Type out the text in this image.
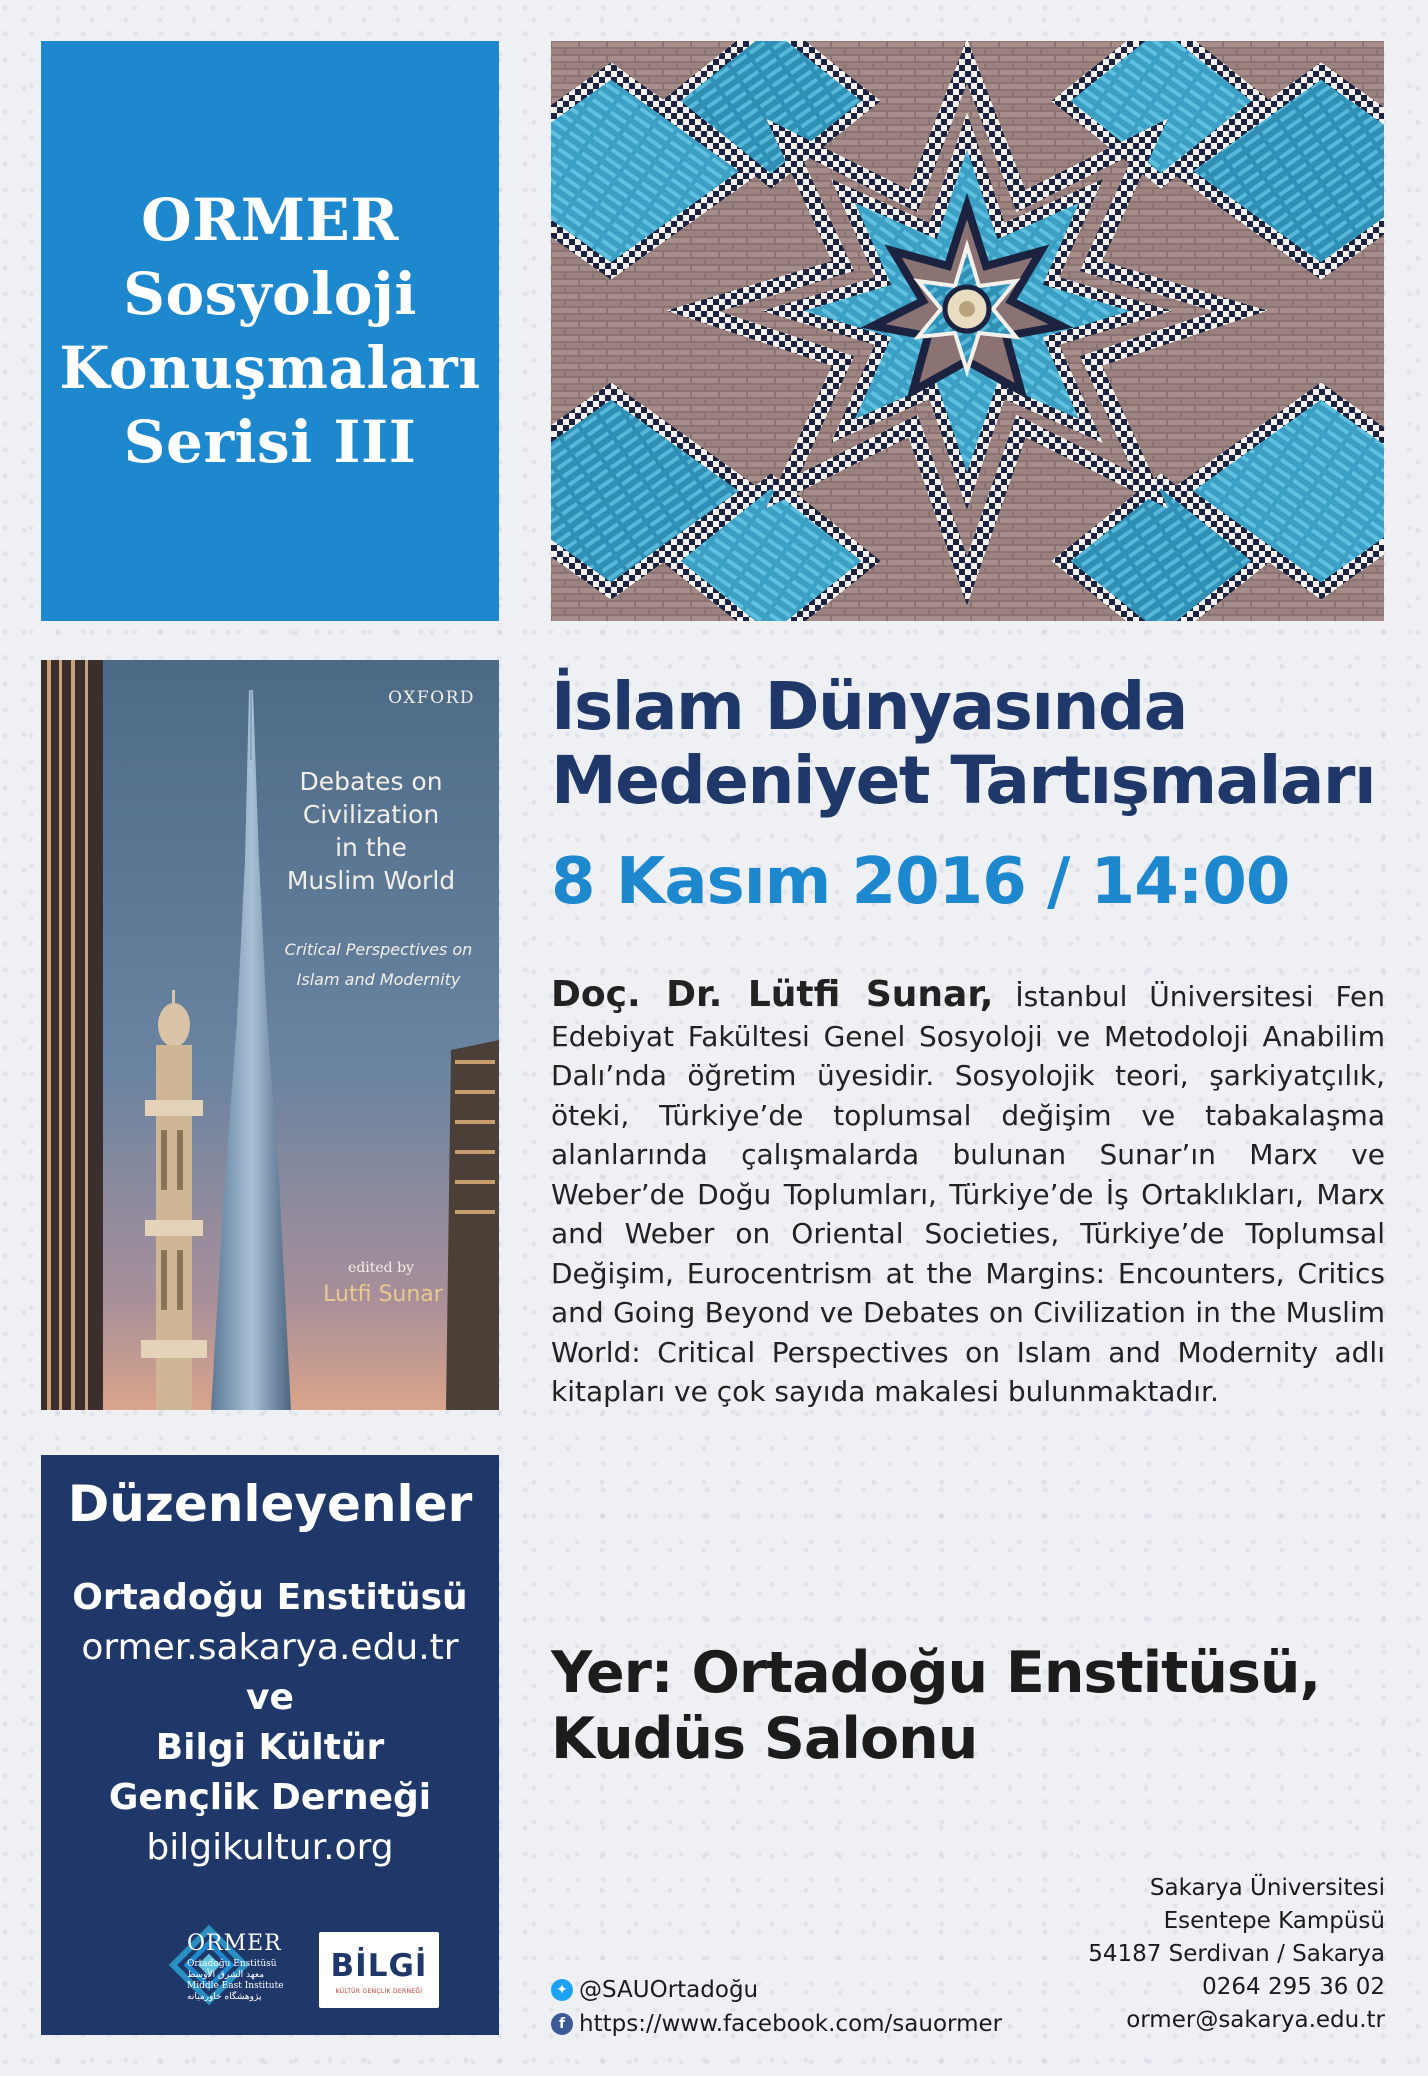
ORMER
Sosyoloji
Konuşmaları
Serisi III
OXFORD
Debates on
Civilization
in the
Muslim World
Critical Perspectives on
Islam and Modernity
edited by
Lutfi Sunar
Düzenleyenler
Ortadoğu Enstitüsü
ormer.sakarya.edu.tr
ve
Bilgi Kültür
Gençlik Derneği
bilgikultur.org
ORMER
Ortadoğu Enstitüsü
معهد الشرق الأوسط
Middle East Institute
پژوهشگاه خاورمیانه
BİLGİ
KÜLTÜR GENÇLİK DERNEĞİ
İslam Dünyasında
Medeniyet Tartışmaları
8 Kasım 2016 / 14:00
Doç. Dr. Lütfi Sunar, İstanbul Üniversitesi Fen Edebiyat Fakültesi Genel Sosyoloji ve Metodoloji Anabilim Dalı’nda öğretim üyesidir. Sosyolojik teori, şarkiyatçılık, öteki, Türkiye’de toplumsal değişim ve tabakalaşma alanlarında çalışmalarda bulunan Sunar’ın Marx ve Weber’de Doğu Toplumları, Türkiye’de İş Ortaklıkları, Marx and Weber on Oriental Societies, Türkiye’de Toplumsal Değişim, Eurocentrism at the Margins: Encounters, Critics and Going Beyond ve Debates on Civilization in the Muslim World: Critical Perspectives on Islam and Modernity adlı kitapları ve çok sayıda makalesi bulunmaktadır.
Yer: Ortadoğu Enstitüsü,
Kudüs Salonu
✦ @SAUOrtadoğu
f https://www.facebook.com/sauormer
Sakarya Üniversitesi
Esentepe Kampüsü
54187 Serdivan / Sakarya
0264 295 36 02
ormer@sakarya.edu.tr
